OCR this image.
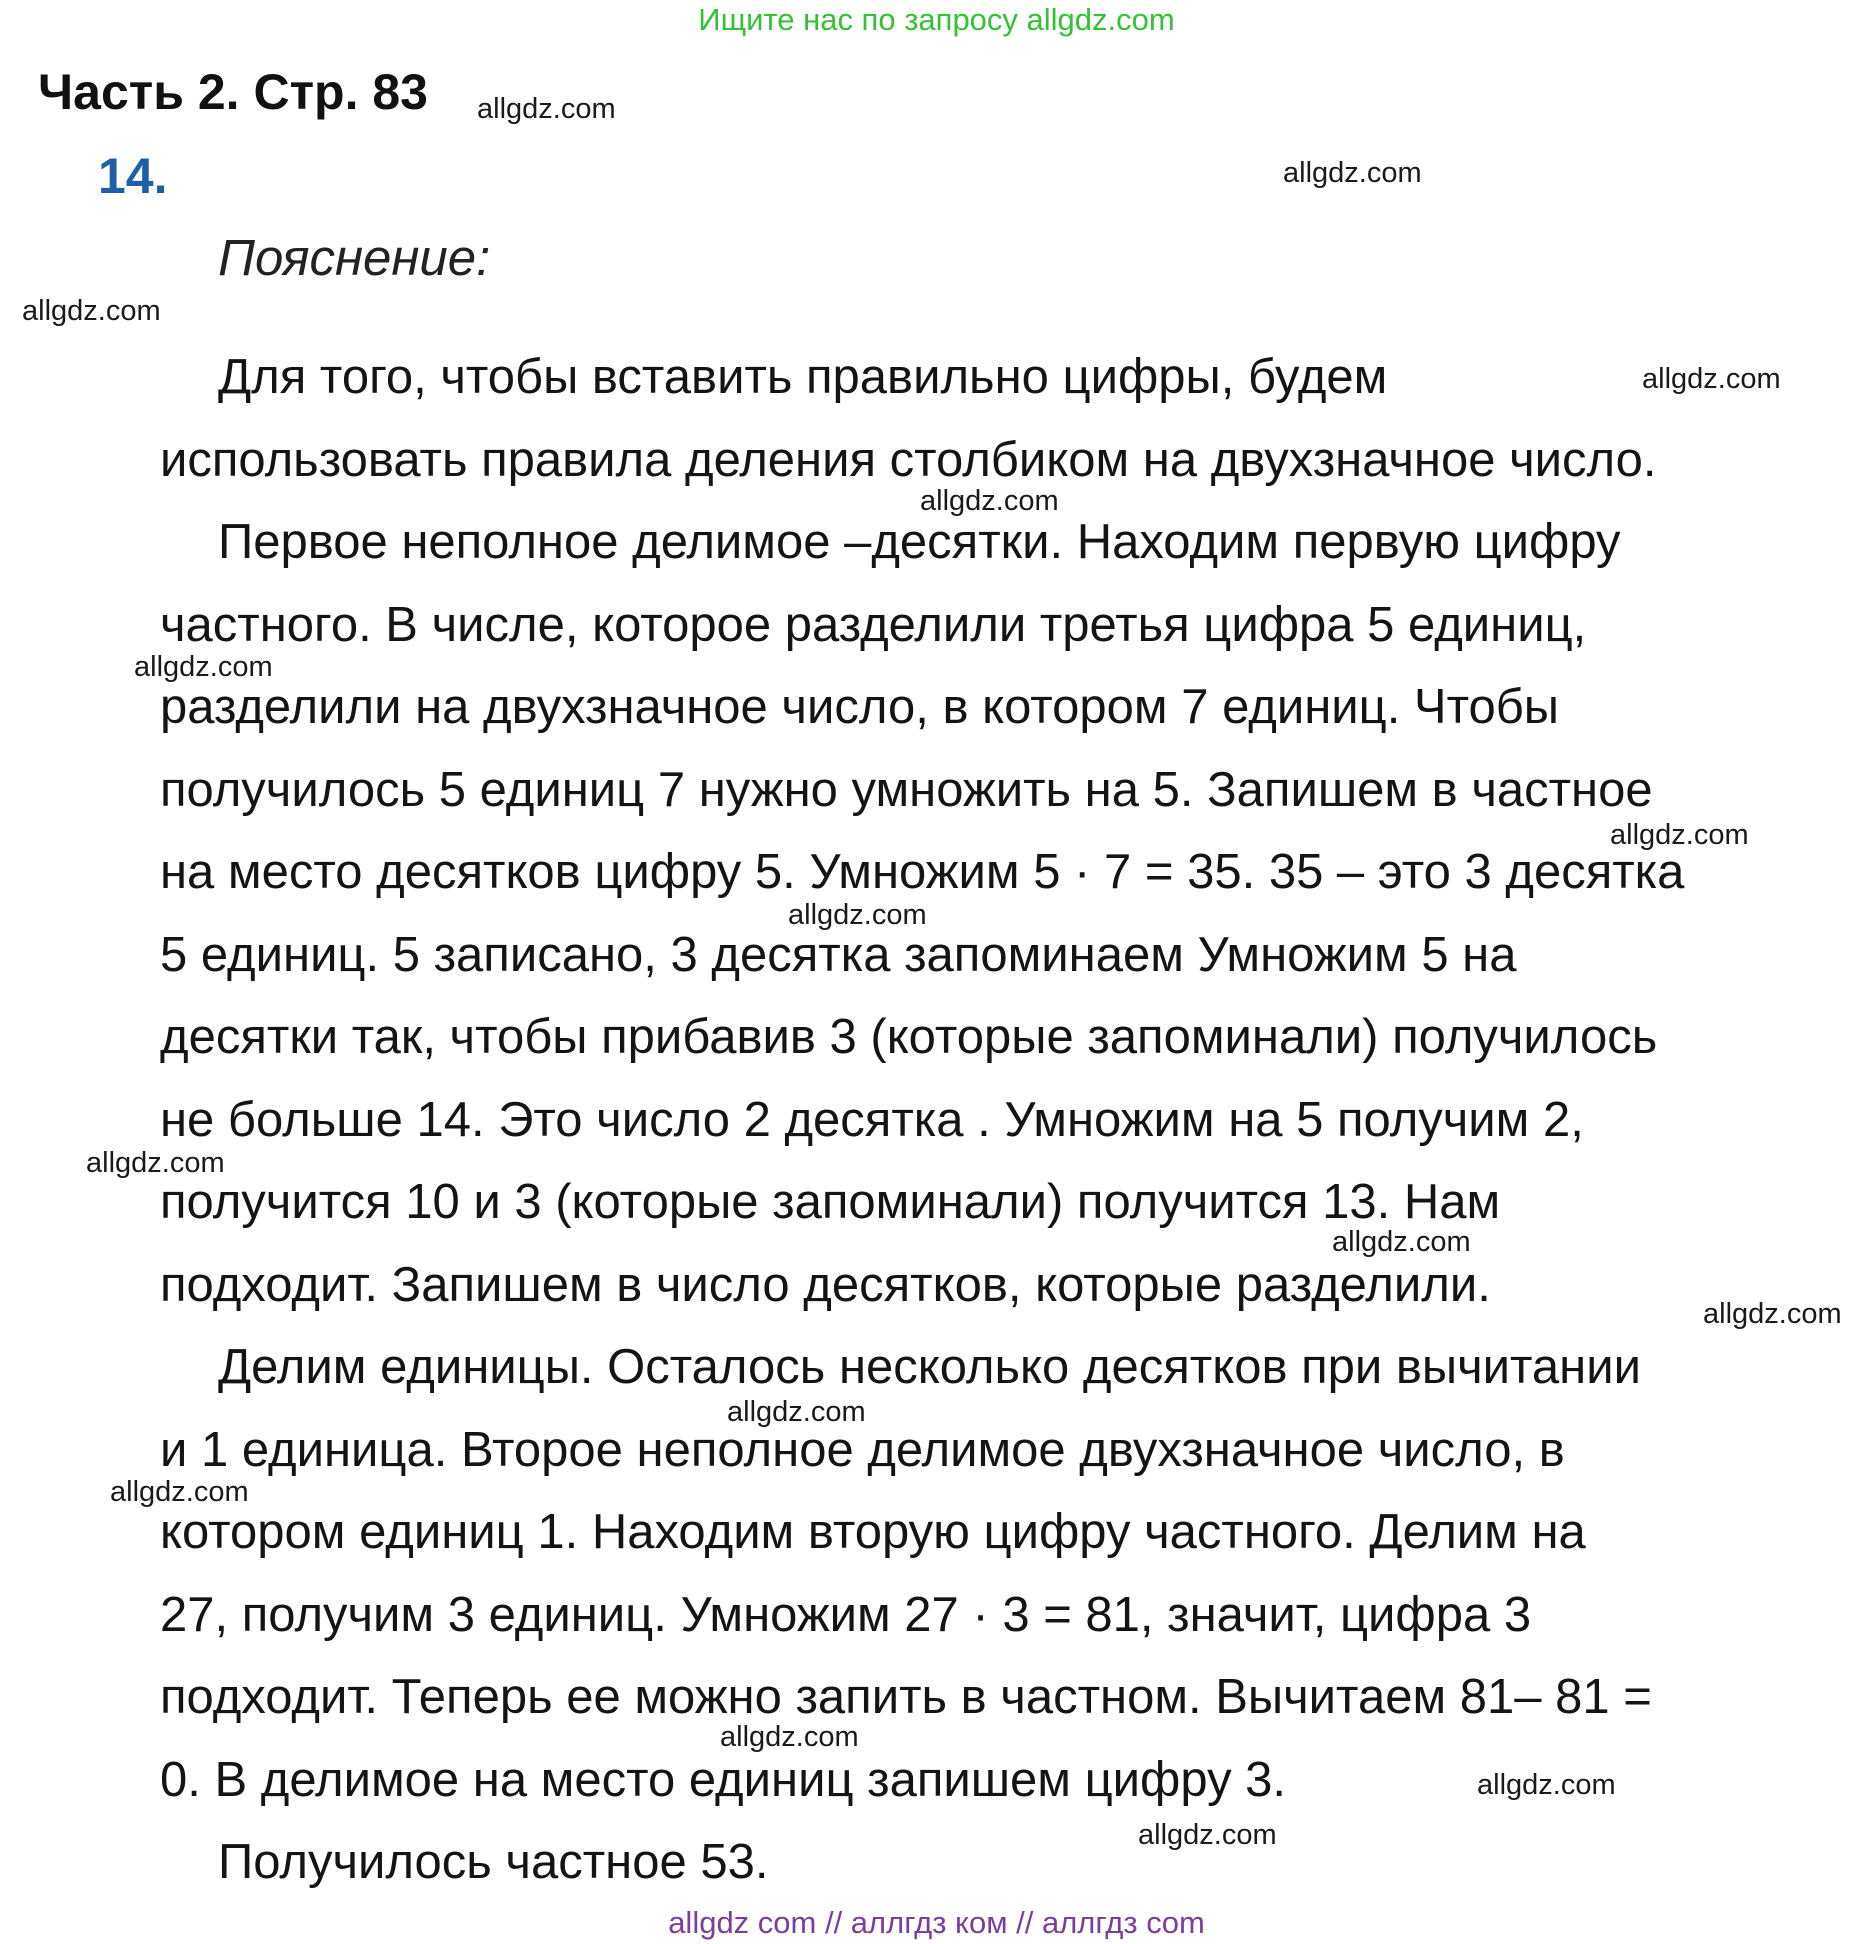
Ищите нас по запросу allgdz.com
Часть 2. Стр. 83
14.
Пояснение:
Для того, чтобы вставить правильно цифры, будем
использовать правила деления столбиком на двухзначное число.
Первое неполное делимое –десятки. Находим первую цифру
частного. В числе, которое разделили третья цифра 5 единиц,
разделили на двухзначное число, в котором 7 единиц. Чтобы
получилось 5 единиц 7 нужно умножить на 5. Запишем в частное
на место десятков цифру 5. Умножим 5 · 7 = 35. 35 – это 3 десятка
5 единиц. 5 записано, 3 десятка запоминаем Умножим 5 на
десятки так, чтобы прибавив 3 (которые запоминали) получилось
не больше 14. Это число 2 десятка . Умножим на 5 получим 2,
получится 10 и 3 (которые запоминали) получится 13. Нам
подходит. Запишем в число десятков, которые разделили.
Делим единицы. Осталось несколько десятков при вычитании
и 1 единица. Второе неполное делимое двухзначное число, в
котором единиц 1. Находим вторую цифру частного. Делим на
27, получим 3 единиц. Умножим 27 · 3 = 81, значит, цифра 3
подходит. Теперь ее можно запить в частном. Вычитаем 81– 81 =
0. В делимое на место единиц запишем цифру 3.
Получилось частное 53.
allgdz.com
allgdz.com
allgdz.com
allgdz.com
allgdz.com
allgdz.com
allgdz.com
allgdz.com
allgdz.com
allgdz.com
allgdz.com
allgdz.com
allgdz.com
allgdz.com
allgdz.com
allgdz.com
allgdz com // аллгдз ком // аллгдз com
